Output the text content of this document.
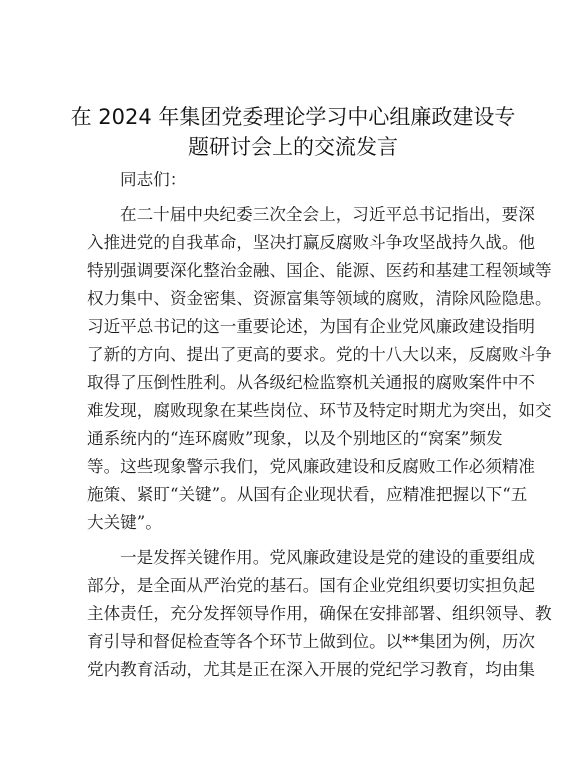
在 2024 年集团党委理论学习中心组廉政建设专
题研讨会上的交流发言
同志们：
在二十届中央纪委三次全会上，习近平总书记指出，要深
入推进党的自我革命，坚决打赢反腐败斗争攻坚战持久战。他
特别强调要深化整治金融、国企、能源、医药和基建工程领域等
权力集中、资金密集、资源富集等领域的腐败，清除风险隐患。
习近平总书记的这一重要论述，为国有企业党风廉政建设指明
了新的方向、提出了更高的要求。党的十八大以来，反腐败斗争
取得了压倒性胜利。从各级纪检监察机关通报的腐败案件中不
难发现，腐败现象在某些岗位、环节及特定时期尤为突出，如交
通系统内的“连环腐败”现象，以及个别地区的“窝案”频发
等。这些现象警示我们，党风廉政建设和反腐败工作必须精准
施策、紧盯“关键”。从国有企业现状看，应精准把握以下“五
大关键”。
一是发挥关键作用。党风廉政建设是党的建设的重要组成
部分，是全面从严治党的基石。国有企业党组织要切实担负起
主体责任，充分发挥领导作用，确保在安排部署、组织领导、教
育引导和督促检查等各个环节上做到位。以**集团为例，历次
党内教育活动，尤其是正在深入开展的党纪学习教育，均由集
